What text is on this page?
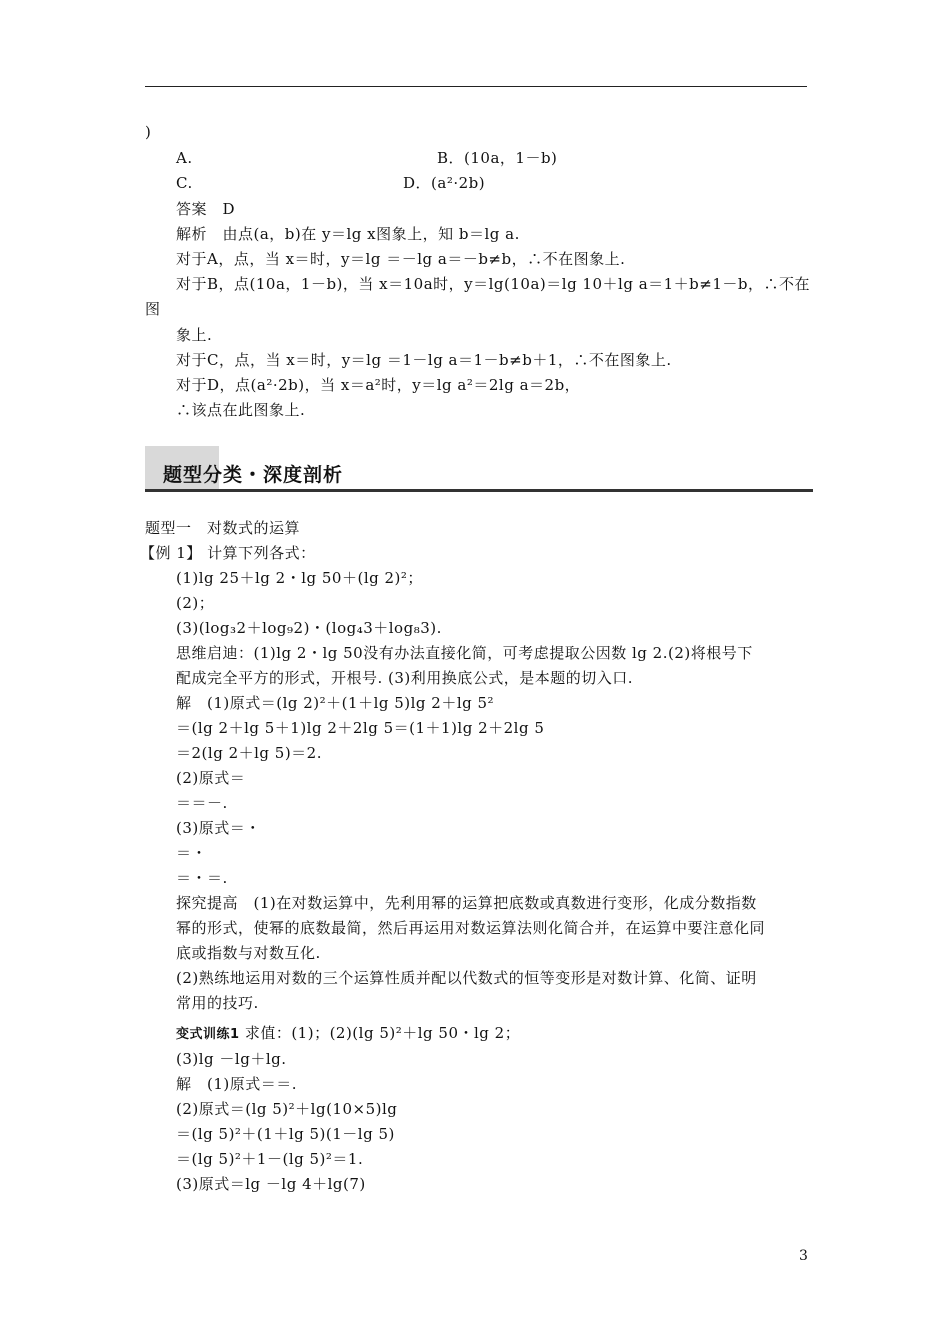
)
A.	B．(10a，1－b)
C.	D．(a²·2b)
答案　D
解析　由点(a，b)在 y＝lg x图象上，知 b＝lg a.
对于A，点，当 x＝时，y＝lg ＝－lg a＝－b≠b，∴不在图象上.
对于B，点(10a，1－b)，当 x＝10a时，y＝lg(10a)＝lg 10＋lg a＝1＋b≠1－b，∴不在
图
象上.
对于C，点，当 x＝时，y＝lg ＝1－lg a＝1－b≠b＋1，∴不在图象上.
对于D，点(a²·2b)，当 x＝a²时，y＝lg a²＝2lg a＝2b，
∴该点在此图象上.
题型分类・深度剖析
题型一　对数式的运算
【例 1】 计算下列各式：
(1)lg 25＋lg 2・lg 50＋(lg 2)²；
(2)；
(3)(log₃2＋log₉2)・(log₄3＋log₈3).
思维启迪：(1)lg 2・lg 50没有办法直接化简，可考虑提取公因数 lg 2.(2)将根号下
配成完全平方的形式，开根号. (3)利用换底公式，是本题的切入口.
解　(1)原式＝(lg 2)²＋(1＋lg 5)lg 2＋lg 5²
＝(lg 2＋lg 5＋1)lg 2＋2lg 5＝(1＋1)lg 2＋2lg 5
＝2(lg 2＋lg 5)＝2.
(2)原式＝
＝＝－.
(3)原式＝・
＝・
＝・＝.
探究提高　(1)在对数运算中，先利用幂的运算把底数或真数进行变形，化成分数指数
幂的形式，使幂的底数最简，然后再运用对数运算法则化简合并，在运算中要注意化同
底或指数与对数互化.
(2)熟练地运用对数的三个运算性质并配以代数式的恒等变形是对数计算、化简、证明
常用的技巧.
变式训练1 求值：(1)；(2)(lg 5)²＋lg 50・lg 2；
(3)lg －lg＋lg.
解　(1)原式＝＝.
(2)原式＝(lg 5)²＋lg(10×5)lg
＝(lg 5)²＋(1＋lg 5)(1－lg 5)
＝(lg 5)²＋1－(lg 5)²＝1.
(3)原式＝lg －lg 4＋lg(7)
3
